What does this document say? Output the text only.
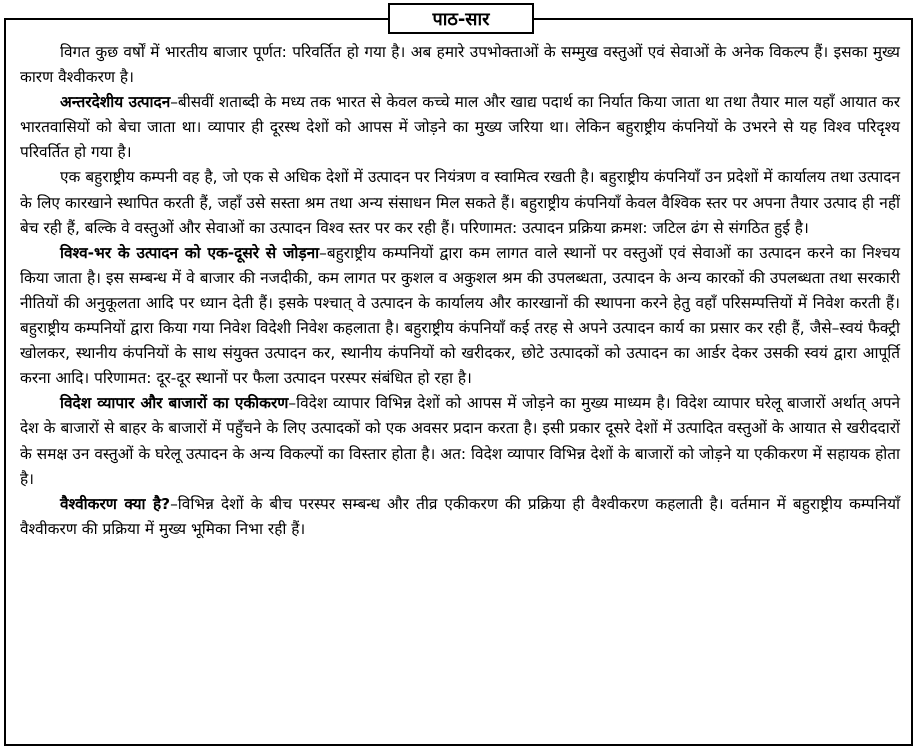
पाठ-सार

विगत कुछ वर्षों में भारतीय बाजार पूर्णत: परिवर्तित हो गया है। अब हमारे उपभोक्ताओं के सम्मुख वस्तुओं एवं सेवाओं के अनेक विकल्प हैं। इसका मुख्य कारण वैश्वीकरण है।

अन्तरदेशीय उत्पादन–बीसवीं शताब्दी के मध्य तक भारत से केवल कच्चे माल और खाद्य पदार्थ का निर्यात किया जाता था तथा तैयार माल यहाँ आयात कर भारतवासियों को बेचा जाता था। व्यापार ही दूरस्थ देशों को आपस में जोड़ने का मुख्य जरिया था। लेकिन बहुराष्ट्रीय कंपनियों के उभरने से यह विश्व परिदृश्य परिवर्तित हो गया है।

एक बहुराष्ट्रीय कम्पनी वह है, जो एक से अधिक देशों में उत्पादन पर नियंत्रण व स्वामित्व रखती है। बहुराष्ट्रीय कंपनियाँ उन प्रदेशों में कार्यालय तथा उत्पादन के लिए कारखाने स्थापित करती हैं, जहाँ उसे सस्ता श्रम तथा अन्य संसाधन मिल सकते हैं। बहुराष्ट्रीय कंपनियाँ केवल वैश्विक स्तर पर अपना तैयार उत्पाद ही नहीं बेच रही हैं, बल्कि वे वस्तुओं और सेवाओं का उत्पादन विश्व स्तर पर कर रही हैं। परिणामत: उत्पादन प्रक्रिया क्रमश: जटिल ढंग से संगठित हुई है।

विश्व-भर के उत्पादन को एक-दूसरे से जोड़ना–बहुराष्ट्रीय कम्पनियों द्वारा कम लागत वाले स्थानों पर वस्तुओं एवं सेवाओं का उत्पादन करने का निश्चय किया जाता है। इस सम्बन्ध में वे बाजार की नजदीकी, कम लागत पर कुशल व अकुशल श्रम की उपलब्धता, उत्पादन के अन्य कारकों की उपलब्धता तथा सरकारी नीतियों की अनुकूलता आदि पर ध्यान देती हैं। इसके पश्चात् वे उत्पादन के कार्यालय और कारखानों की स्थापना करने हेतु वहाँ परिसम्पत्तियों में निवेश करती हैं। बहुराष्ट्रीय कम्पनियों द्वारा किया गया निवेश विदेशी निवेश कहलाता है। बहुराष्ट्रीय कंपनियाँ कई तरह से अपने उत्पादन कार्य का प्रसार कर रही हैं, जैसे–स्वयं फैक्ट्री खोलकर, स्थानीय कंपनियों के साथ संयुक्त उत्पादन कर, स्थानीय कंपनियों को खरीदकर, छोटे उत्पादकों को उत्पादन का आर्डर देकर उसकी स्वयं द्वारा आपूर्ति करना आदि। परिणामत: दूर-दूर स्थानों पर फैला उत्पादन परस्पर संबंधित हो रहा है।

विदेश व्यापार और बाजारों का एकीकरण–विदेश व्यापार विभिन्न देशों को आपस में जोड़ने का मुख्य माध्यम है। विदेश व्यापार घरेलू बाजारों अर्थात् अपने देश के बाजारों से बाहर के बाजारों में पहुँचने के लिए उत्पादकों को एक अवसर प्रदान करता है। इसी प्रकार दूसरे देशों में उत्पादित वस्तुओं के आयात से खरीददारों के समक्ष उन वस्तुओं के घरेलू उत्पादन के अन्य विकल्पों का विस्तार होता है। अत: विदेश व्यापार विभिन्न देशों के बाजारों को जोड़ने या एकीकरण में सहायक होता है।

वैश्वीकरण क्या है?–विभिन्न देशों के बीच परस्पर सम्बन्ध और तीव्र एकीकरण की प्रक्रिया ही वैश्वीकरण कहलाती है। वर्तमान में बहुराष्ट्रीय कम्पनियाँ वैश्वीकरण की प्रक्रिया में मुख्य भूमिका निभा रही हैं।
